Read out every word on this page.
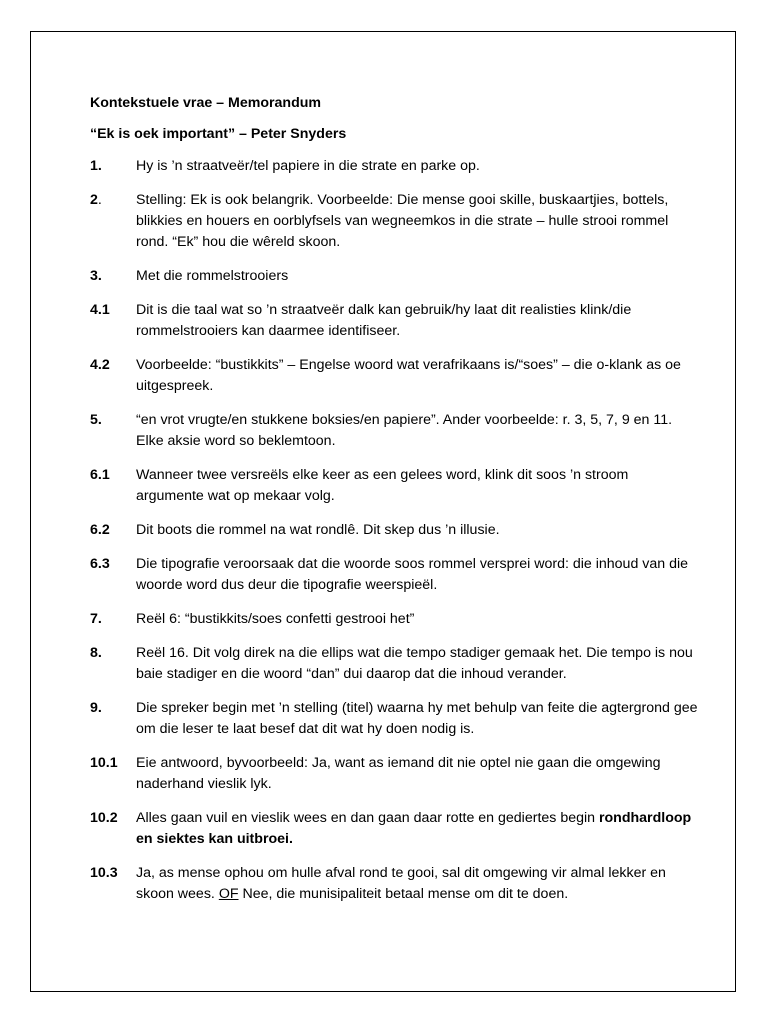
Kontekstuele vrae – Memorandum

“Ek is oek important” – Peter Snyders

1.	Hy is ’n straatveër/tel papiere in die strate en parke op.
2.	Stelling: Ek is ook belangrik. Voorbeelde: Die mense gooi skille, buskaartjies, bottels, blikkies en houers en oorblyfsels van wegneemkos in die strate – hulle strooi rommel rond. “Ek” hou die wêreld skoon.
3.	Met die rommelstrooiers
4.1	Dit is die taal wat so ’n straatveër dalk kan gebruik/hy laat dit realisties klink/die rommelstrooiers kan daarmee identifiseer.
4.2	Voorbeelde: “bustikkits” – Engelse woord wat verafrikaans is/“soes” – die o-klank as oe uitgespreek.
5.	“en vrot vrugte/en stukkene boksies/en papiere”. Ander voorbeelde: r. 3, 5, 7, 9 en 11. Elke aksie word so beklemtoon.
6.1	Wanneer twee versreëls elke keer as een gelees word, klink dit soos ’n stroom argumente wat op mekaar volg.
6.2	Dit boots die rommel na wat rondlê. Dit skep dus ’n illusie.
6.3	Die tipografie veroorsaak dat die woorde soos rommel versprei word: die inhoud van die woorde word dus deur die tipografie weerspieël.
7.	Reël 6: “bustikkits/soes confetti gestrooi het”
8.	Reël 16. Dit volg direk na die ellips wat die tempo stadiger gemaak het. Die tempo is nou baie stadiger en die woord “dan” dui daarop dat die inhoud verander.
9.	Die spreker begin met ’n stelling (titel) waarna hy met behulp van feite die agtergrond gee om die leser te laat besef dat dit wat hy doen nodig is.
10.1	Eie antwoord, byvoorbeeld: Ja, want as iemand dit nie optel nie gaan die omgewing naderhand vieslik lyk.
10.2	Alles gaan vuil en vieslik wees en dan gaan daar rotte en gediertes begin rondhardloop en siektes kan uitbroei.
10.3	Ja, as mense ophou om hulle afval rond te gooi, sal dit omgewing vir almal lekker en skoon wees. OF Nee, die munisipaliteit betaal mense om dit te doen.
